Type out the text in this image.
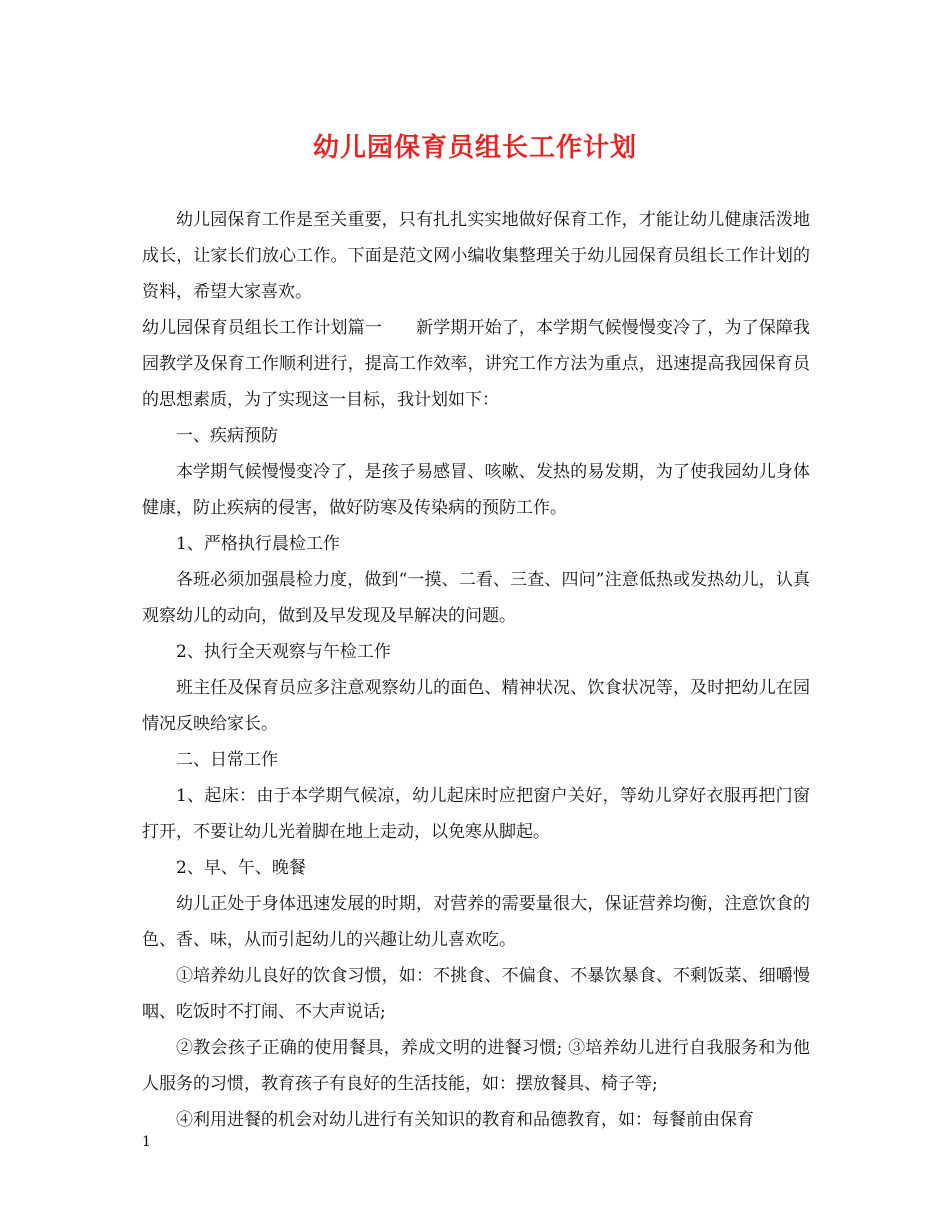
幼儿园保育员组长工作计划

幼儿园保育工作是至关重要，只有扎扎实实地做好保育工作，才能让幼儿健康活泼地成长，让家长们放心工作。下面是范文网小编收集整理关于幼儿园保育员组长工作计划的资料，希望大家喜欢。

幼儿园保育员组长工作计划篇一　　新学期开始了，本学期气候慢慢变冷了，为了保障我园教学及保育工作顺利进行，提高工作效率，讲究工作方法为重点，迅速提高我园保育员的思想素质，为了实现这一目标，我计划如下：

一、疾病预防

本学期气候慢慢变冷了，是孩子易感冒、咳嗽、发热的易发期，为了使我园幼儿身体健康，防止疾病的侵害，做好防寒及传染病的预防工作。

1、严格执行晨检工作

各班必须加强晨检力度，做到“一摸、二看、三查、四问”注意低热或发热幼儿，认真观察幼儿的动向，做到及早发现及早解决的问题。

2、执行全天观察与午检工作

班主任及保育员应多注意观察幼儿的面色、精神状况、饮食状况等，及时把幼儿在园情况反映给家长。

二、日常工作

1、起床：由于本学期气候凉，幼儿起床时应把窗户关好，等幼儿穿好衣服再把门窗打开，不要让幼儿光着脚在地上走动，以免寒从脚起。

2、早、午、晚餐

幼儿正处于身体迅速发展的时期，对营养的需要量很大，保证营养均衡，注意饮食的色、香、味，从而引起幼儿的兴趣让幼儿喜欢吃。

①培养幼儿良好的饮食习惯，如：不挑食、不偏食、不暴饮暴食、不剩饭菜、细嚼慢咽、吃饭时不打闹、不大声说话;

②教会孩子正确的使用餐具，养成文明的进餐习惯; ③培养幼儿进行自我服务和为他人服务的习惯，教育孩子有良好的生活技能，如：摆放餐具、椅子等;

④利用进餐的机会对幼儿进行有关知识的教育和品德教育，如：每餐前由保育

1
